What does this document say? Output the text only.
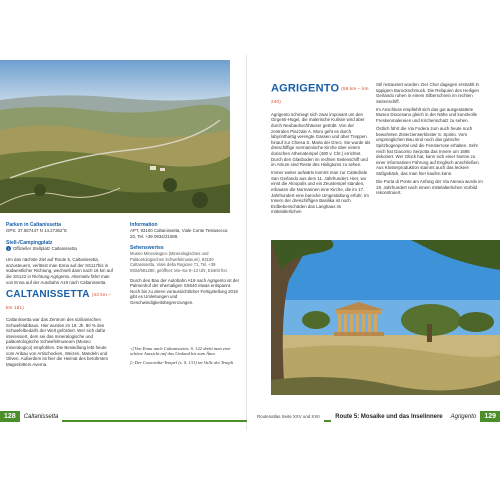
Parken in Caltanissetta
GPS: 37.567447 N 14.27362°E
Stell-/Campingplatz
i Offizieller Stellplatz Caltanissetta

Um das nächste Ziel auf Route 5, Caltanissetta, anzusteuern, verlässt man Enna auf der SS117bis in südwestlicher Richtung, wechselt dann nach 16 km auf die SS122 in Richtung Agrigento. Alternativ fährt man von Enna auf der Autobahn A19 nach Caltanissetta.

CALTANISSETTA (43 km – km 181)

Caltanissetta war das Zentrum des sizilianischen Schwefelabbaus. Hier wurden im 19. Jh. 80 % des Schwefelbedarfs der Welt gefördert. Wer sich dafür interessiert, dem sei das mineralogische und paläontologische Schwefelmuseum (Museo mineralogico) empfohlen. Die Besiedlung lebt heute vom Anbau von Artischocken, Weizen, Mandeln und Oliven. Außerdem ist hier die Heimat des berühmten Magenbitters Averna.

Information
APT, 93100 Caltanissetta, Viale Conte Testasecca
20, Tel. +39 0934/21089.
Sehenswertes
Museo Mineralogico (Mineralogisches und Paläontologisches Schwefelmuseum), 93100 Caltanissetta, Viale della Regione 71, Tel. +39 0934/591280, geöffnet: Mo–Sa 9–13 Uhr, Eintritt frei.

Durch den Bau der Autobahn A19 nach Agrigento ist der Palmenhof der ehemaligen SS640 etwas entspannt. Noch bis zu deren voraussichtlicher Fertigstellung 2019 gibt es Umleitungen und Geschwindigkeitsbegrenzungen.

◁ Von Enna nach Caltanissetta: S. 122 dreht man eine schöne Aussicht auf das Umland bis zum Ätna
▷ Der Concordia-Tempel (s. S. 131) im Valle dei Templi
AGRIGENTO (59 km – km 240)

Agrigento schmiegt sich zwar imposant um den Girgenti-Hügel, die malerische Kulisse wird aber durch Neubauhochhäuser getrübt. Von der zentralen Piazzale A. Moro geht es durch labyrinthartig verengte Gassen und über Treppen hinauf zur Chiesa S. Maria dei Greci. Sie wurde als dreischiffige normannische Kirche über einem dorischen Athenatempel (480 v. Chr.) errichtet. Durch den Glasboden im rechten Seitenschiff und im Atrium sind Reste des Heiligtums zu sehen.

Immer weiter aufwärts kommt man zur Cattedrale San Gerlando aus dem 11. Jahrhundert. Hier, wo einst die Akropolis und ein Zeustempel standen, erbauten die Normannen eine Kirche, die im 17. Jahrhundert eine barocke Umgestaltung erfuhr. Im Innern der dreischiffigen Basilika ist noch Erdbebenschäden das Langhaus im mittelalterlichen

Stil restauriert worden. Der Chor dagegen erstrahlt in üppigem Barockschmuck. Die Reliquien des Heiligen Gerlando ruhen in einem Silberschrein im rechten Seitenschiff.

Im Anschluss empfiehlt sich das gut ausgestattete Museo Diocesano gleich in der Nähe und kunstvolle Freskenmalereien und Kirchenschatz zu sehen.

Östlich führt die Via Fodera zum auch heute noch bewohnten Zisterzienserkloster S. Spirito. Vom ursprünglichen Bau sind noch das gotische Spitzbogenportal und die Fensterrose erhalten. Sehr reich hat Giacomo Serpotta das Innere um 1695 dekoriert. Wer Glück hat, kann sich einer Nonne zu einer informativen Führung auf Englisch anschließen. Aus Klosterproduktion stammt auch das leckere Süßgebäck, das man hier kaufen kann.

Die Porta di Ponte am Anfang der Via Atenea wurde im 19. Jahrhundert nach einem mittelalterlichen Vorbild rekonstruiert.

128	Caltanissetta	Routenatlas Seite XXV und XXII	Route 5: Mosaike und das Inselinnere	Agrigento	129
